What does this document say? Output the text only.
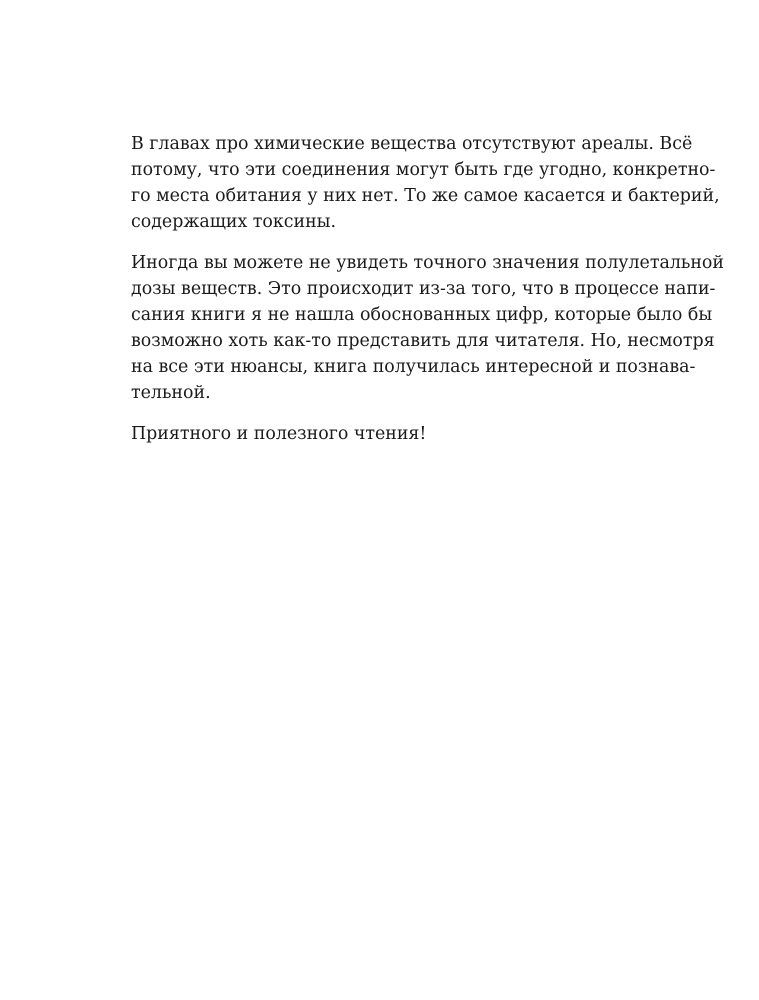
В главах про химические вещества отсутствуют ареалы. Всё
потому, что эти соединения могут быть где угодно, конкретно-
го места обитания у них нет. То же самое касается и бактерий,
содержащих токсины.

Иногда вы можете не увидеть точного значения полулетальной
дозы веществ. Это происходит из-за того, что в процессе напи-
сания книги я не нашла обоснованных цифр, которые было бы
возможно хоть как-то представить для читателя. Но, несмотря
на все эти нюансы, книга получилась интересной и познава-
тельной.

Приятного и полезного чтения!
